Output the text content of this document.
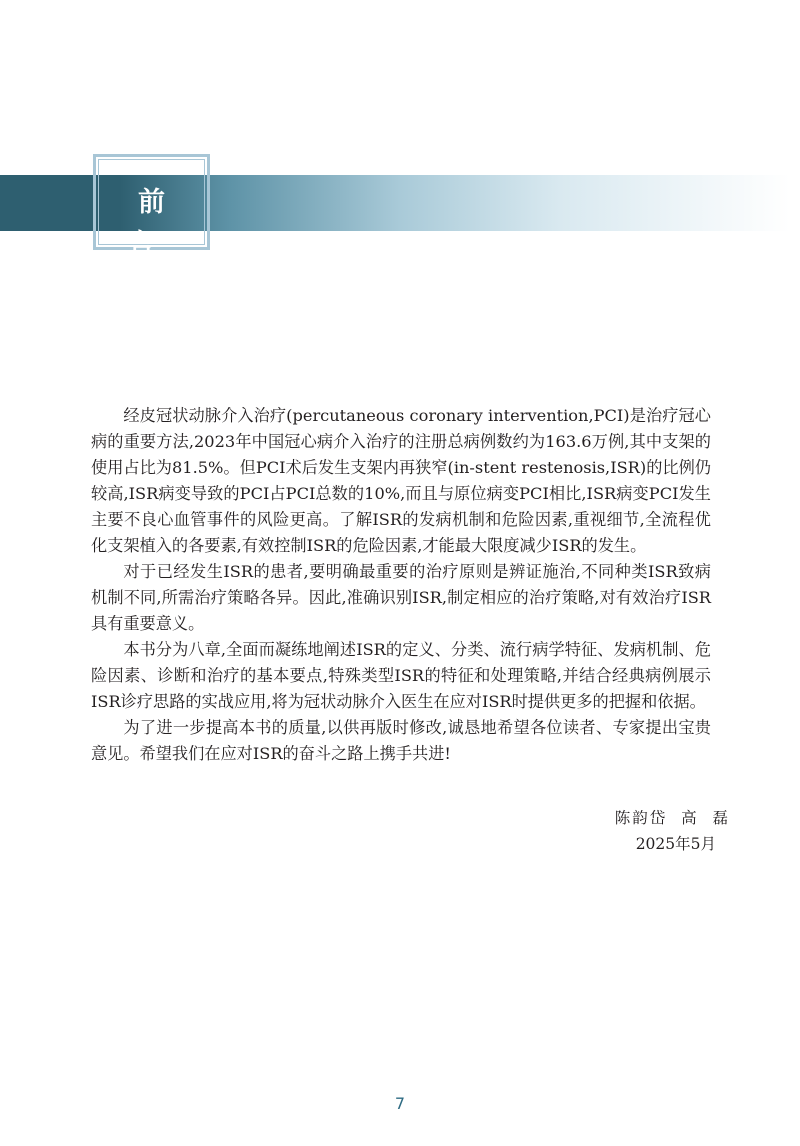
前言

经皮冠状动脉介入治疗(percutaneous coronary intervention,PCI)是治疗冠心病的重要方法,2023年中国冠心病介入治疗的注册总病例数约为163.6万例,其中支架的使用占比为81.5%。但PCI术后发生支架内再狭窄(in-stent restenosis,ISR)的比例仍较高,ISR病变导致的PCI占PCI总数的10%,而且与原位病变PCI相比,ISR病变PCI发生主要不良心血管事件的风险更高。了解ISR的发病机制和危险因素,重视细节,全流程优化支架植入的各要素,有效控制ISR的危险因素,才能最大限度减少ISR的发生。

对于已经发生ISR的患者,要明确最重要的治疗原则是辨证施治,不同种类ISR致病机制不同,所需治疗策略各异。因此,准确识别ISR,制定相应的治疗策略,对有效治疗ISR具有重要意义。

本书分为八章,全面而凝练地阐述ISR的定义、分类、流行病学特征、发病机制、危险因素、诊断和治疗的基本要点,特殊类型ISR的特征和处理策略,并结合经典病例展示ISR诊疗思路的实战应用,将为冠状动脉介入医生在应对ISR时提供更多的把握和依据。

为了进一步提高本书的质量,以供再版时修改,诚恳地希望各位读者、专家提出宝贵意见。希望我们在应对ISR的奋斗之路上携手共进!

陈韵岱  高  磊
2025年5月
7
